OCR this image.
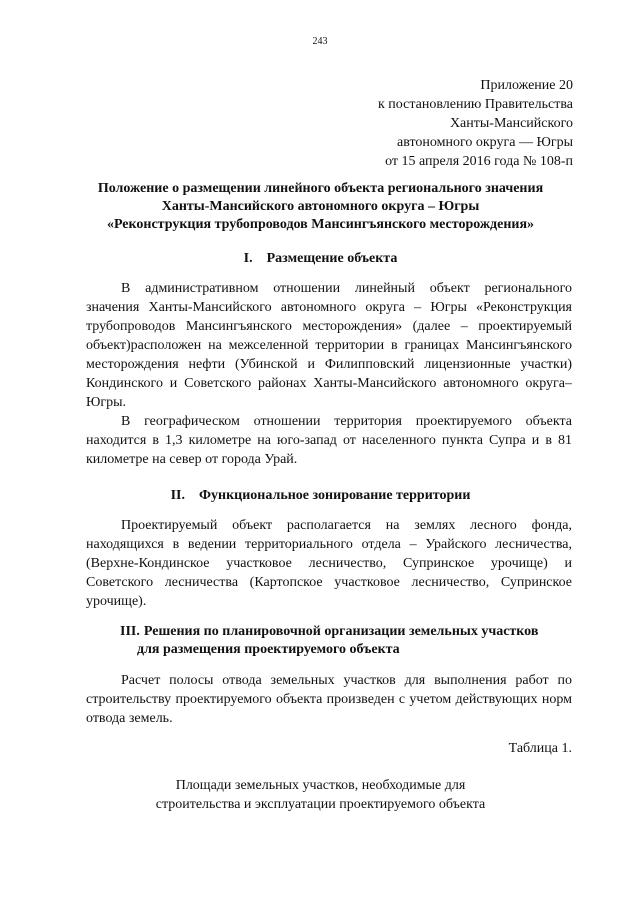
243
Приложение 20
к постановлению Правительства
Ханты-Мансийского
автономного округа — Югры
от 15 апреля 2016 года № 108-п
Положение о размещении линейного объекта регионального значения
Ханты-Мансийского автономного округа – Югры
«Реконструкция трубопроводов Мансингъянского месторождения»
I. Размещение объекта
В административном отношении линейный объект регионального значения Ханты-Мансийского автономного округа – Югры «Реконструкция трубопроводов Мансингъянского месторождения» (далее – проектируемый объект)расположен на межселенной территории в границах Мансингъянского месторождения нефти (Убинской и Филипповский лицензионные участки) Кондинского и Советского районах Ханты-Мансийского автономного округа– Югры.
В географическом отношении территория проектируемого объекта находится в 1,3 километре на юго-запад от населенного пункта Супра и в 81 километре на север от города Урай.
II. Функциональное зонирование территории
Проектируемый объект располагается на землях лесного фонда, находящихся в ведении территориального отдела – Урайского лесничества, (Верхне-Кондинское участковое лесничество, Супринское урочище) и Советского лесничества (Картопское участковое лесничество, Супринское урочище).
III. Решения по планировочной организации земельных участков
для размещения проектируемого объекта
Расчет полосы отвода земельных участков для выполнения работ по строительству проектируемого объекта произведен с учетом действующих норм отвода земель.
Таблица 1.
Площади земельных участков, необходимые для
строительства и эксплуатации проектируемого объекта
